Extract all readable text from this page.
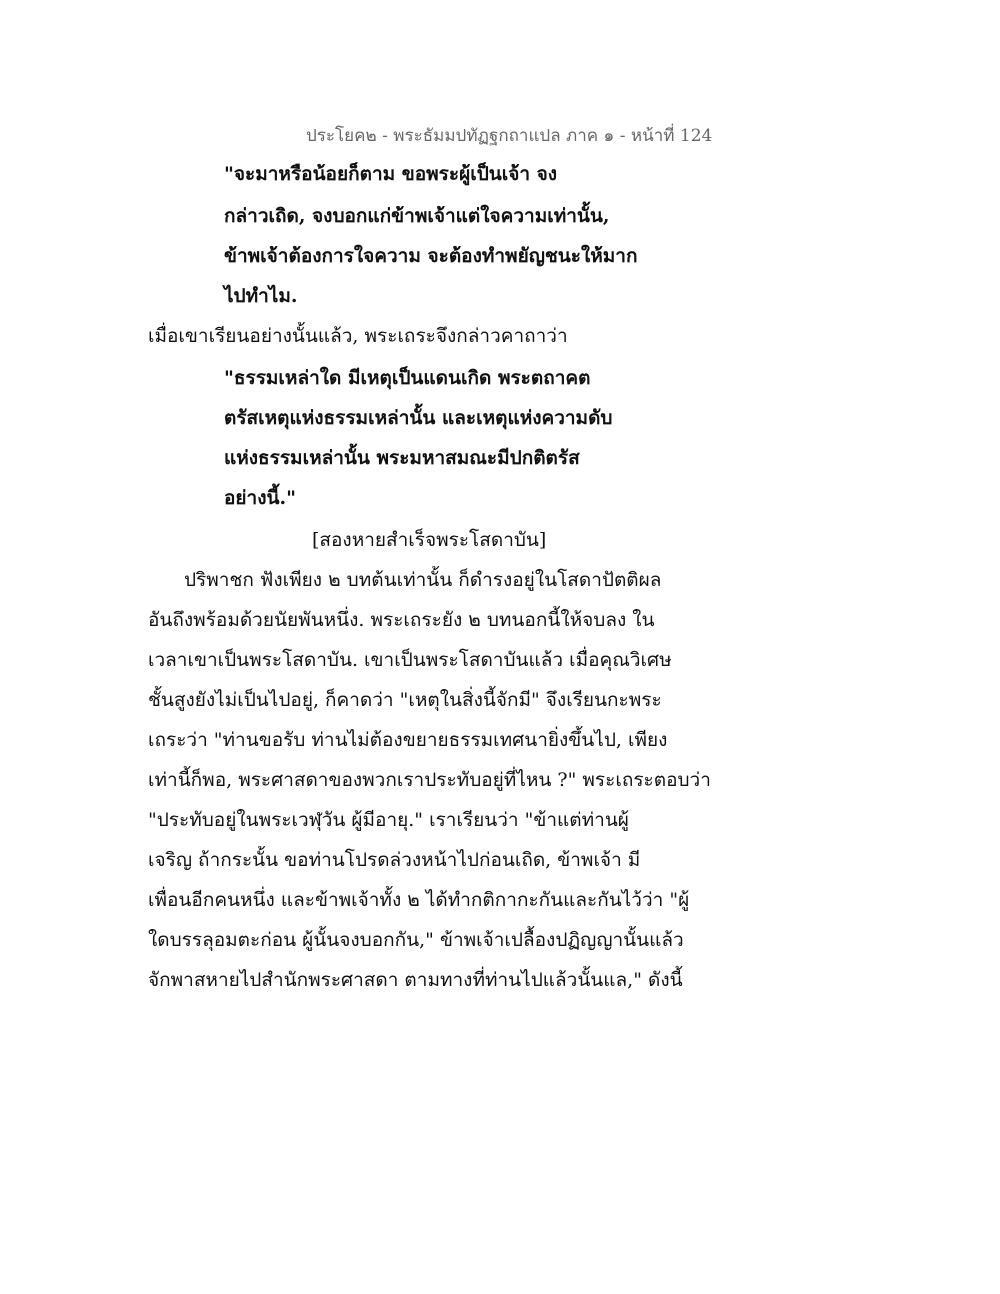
ประโยค๒ - พระธัมมปทัฏฐกถาแปล ภาค ๑ - หน้าที่ 124
"จะมาหรือน้อยก็ตาม ขอพระผู้เป็นเจ้า จง
กล่าวเถิด, จงบอกแก่ข้าพเจ้าแต่ใจความเท่านั้น,
ข้าพเจ้าต้องการใจความ จะต้องทำพยัญชนะให้มาก
ไปทำไม.
เมื่อเขาเรียนอย่างนั้นแล้ว, พระเถระจึงกล่าวคาถาว่า
"ธรรมเหล่าใด มีเหตุเป็นแดนเกิด พระตถาคต
ตรัสเหตุแห่งธรรมเหล่านั้น และเหตุแห่งความดับ
แห่งธรรมเหล่านั้น พระมหาสมณะมีปกติตรัส
อย่างนี้."
[สองหายสำเร็จพระโสดาบัน]
ปริพาชก ฟังเพียง ๒ บทต้นเท่านั้น ก็ดำรงอยู่ในโสดาปัตติผล
อันถึงพร้อมด้วยนัยพันหนึ่ง. พระเถระยัง ๒ บทนอกนี้ให้จบลง ใน
เวลาเขาเป็นพระโสดาบัน. เขาเป็นพระโสดาบันแล้ว เมื่อคุณวิเศษ
ชั้นสูงยังไม่เป็นไปอยู่, ก็คาดว่า "เหตุในสิ่งนี้จักมี" จึงเรียนกะพระ
เถระว่า "ท่านขอรับ ท่านไม่ต้องขยายธรรมเทศนายิ่งขึ้นไป, เพียง
เท่านี้ก็พอ, พระศาสดาของพวกเราประทับอยู่ที่ไหน ?" พระเถระตอบว่า
"ประทับอยู่ในพระเวฬุวัน ผู้มีอายุ." เราเรียนว่า "ข้าแต่ท่านผู้
เจริญ ถ้ากระนั้น ขอท่านโปรดล่วงหน้าไปก่อนเถิด, ข้าพเจ้า มี
เพื่อนอีกคนหนึ่ง และข้าพเจ้าทั้ง ๒ ได้ทำกติกากะกันและกันไว้ว่า "ผู้
ใดบรรลุอมตะก่อน ผู้นั้นจงบอกกัน," ข้าพเจ้าเปลื้องปฏิญญานั้นแล้ว
จักพาสหายไปสำนักพระศาสดา ตามทางที่ท่านไปแล้วนั้นแล," ดังนี้
